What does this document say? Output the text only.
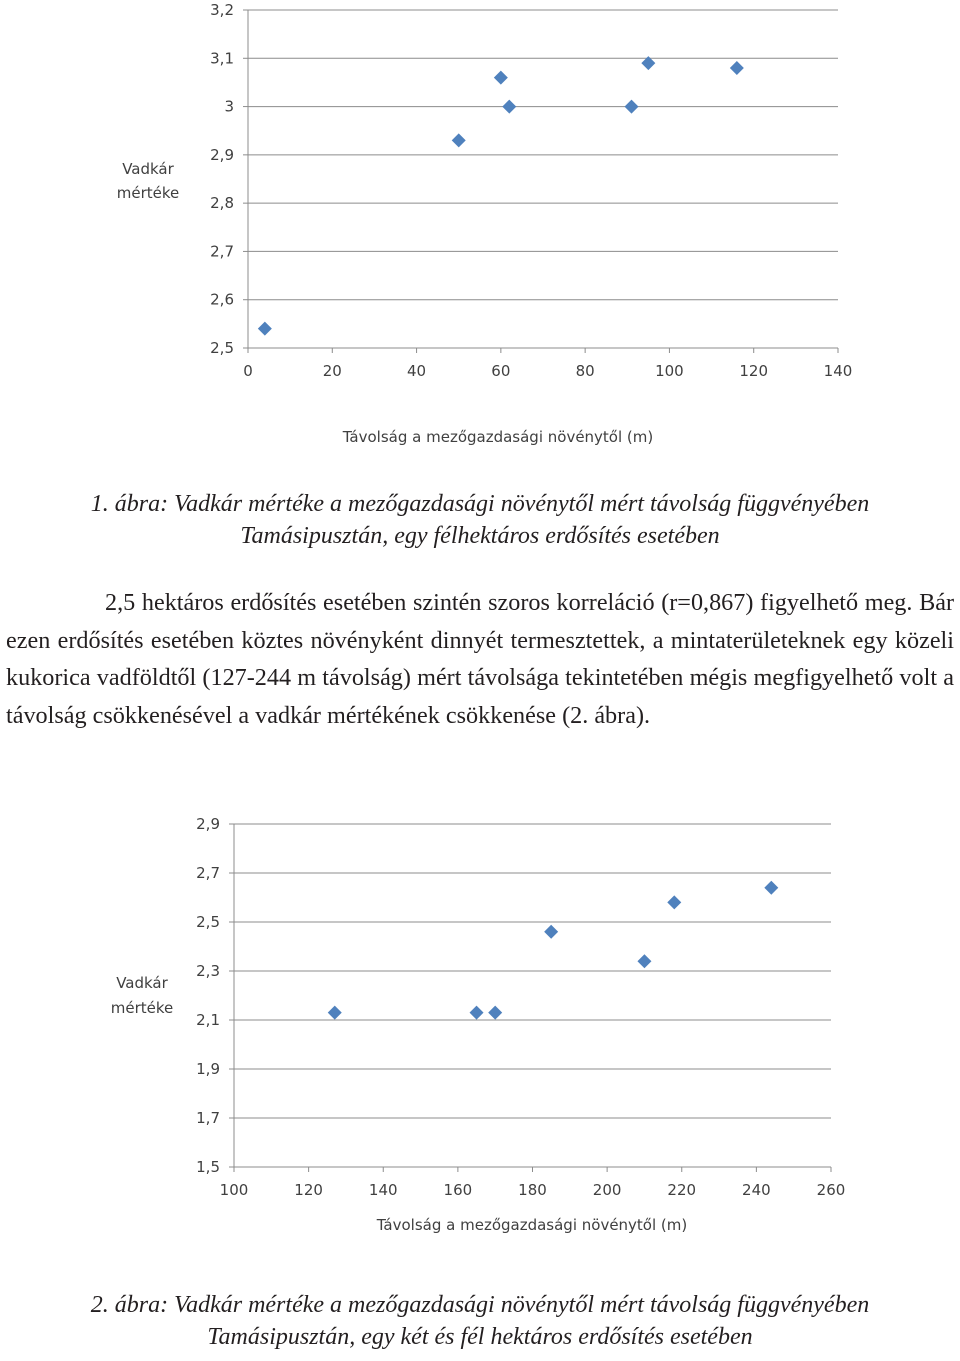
2,5
2,6
2,7
2,8
2,9
3
3,1
3,2
0	20	40	60	80	100	120	140
Vadkár
mértéke
Távolság a mezőgazdasági növénytől (m)
1. ábra: Vadkár mértéke a mezőgazdasági növénytől mért távolság függvényében
Tamásipusztán, egy félhektáros erdősítés esetében

2,5 hektáros erdősítés esetében szintén szoros korreláció (r=0,867) figyelhető meg. Bár ezen erdősítés esetében köztes növényként dinnyét termesztettek, a mintaterületeknek egy közeli kukorica vadföldtől (127-244 m távolság) mért távolsága tekintetében mégis megfigyelhető volt a távolság csökkenésével a vadkár mértékének csökkenése (2. ábra).

1,5
1,7
1,9
2,1
2,3
2,5
2,7
2,9
100	120	140	160	180	200	220	240	260
Vadkár
mértéke
Távolság a mezőgazdasági növénytől (m)
2. ábra: Vadkár mértéke a mezőgazdasági növénytől mért távolság függvényében
Tamásipusztán, egy két és fél hektáros erdősítés esetében
